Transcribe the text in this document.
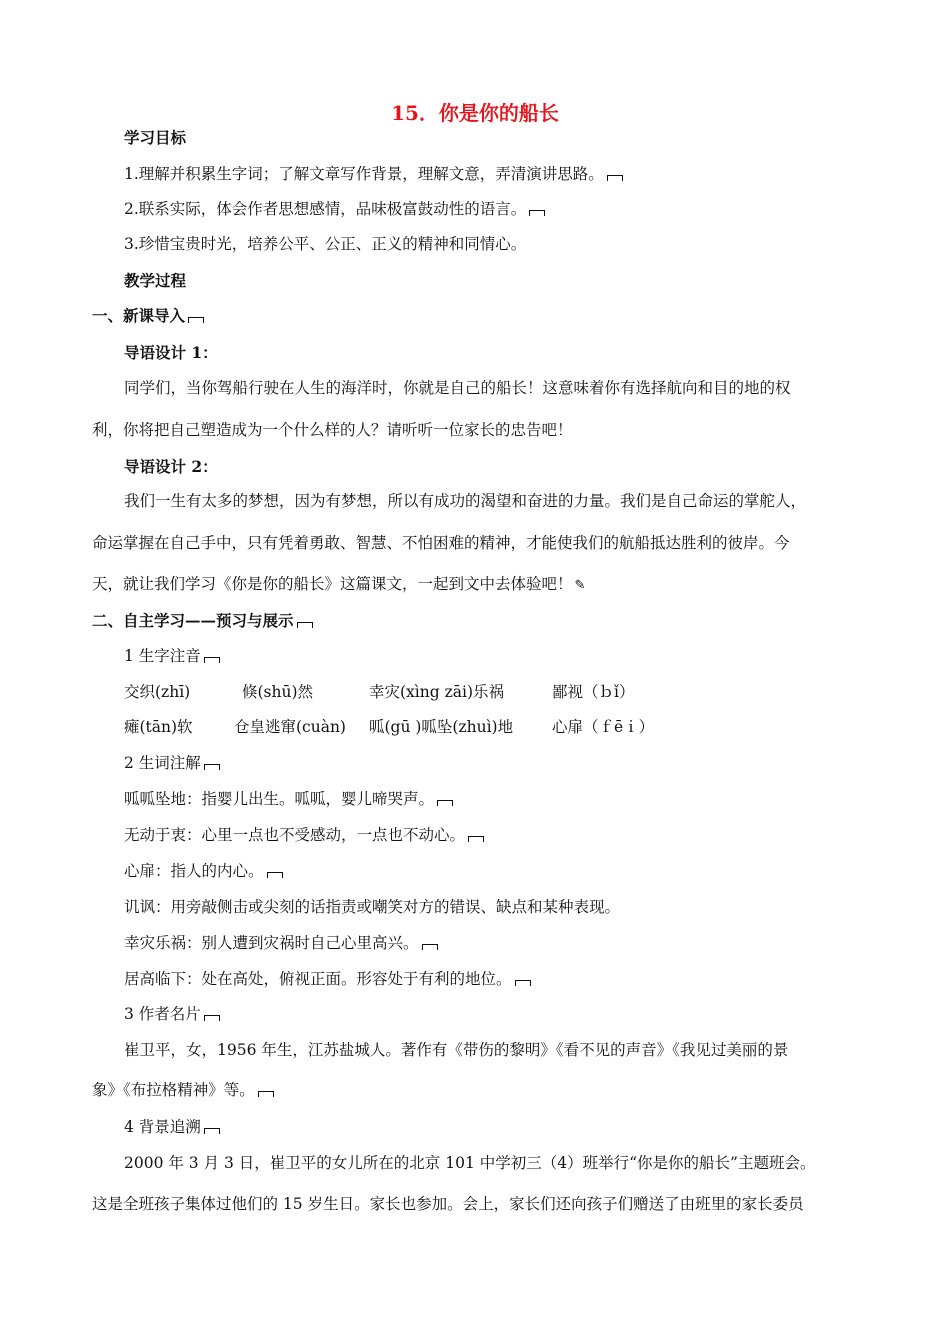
15．你是你的船长
学习目标
1.理解并积累生字词；了解文章写作背景，理解文意，弄清演讲思路。
2.联系实际，体会作者思想感情，品味极富鼓动性的语言。
3.珍惜宝贵时光，培养公平、公正、正义的精神和同情心。
教学过程
一、新课导入
导语设计 1：
同学们，当你驾船行驶在人生的海洋时，你就是自己的船长！这意味着你有选择航向和目的地的权
利，你将把自己塑造成为一个什么样的人？请听听一位家长的忠告吧！
导语设计 2：
我们一生有太多的梦想，因为有梦想，所以有成功的渴望和奋进的力量。我们是自己命运的掌舵人，
命运掌握在自己手中，只有凭着勇敢、智慧、不怕困难的精神，才能使我们的航船抵达胜利的彼岸。今
天，就让我们学习《你是你的船长》这篇课文，一起到文中去体验吧！ ✎
二、自主学习——预习与展示
1 生字注音
交织(zhī)	倏(shū)然	幸灾(xìng zāi)乐祸	鄙视（ｂǐ）
瘫(tān)软	仓皇逃窜(cuàn) 呱(gū )呱坠(zhuì)地	心扉（ｆēｉ）
2 生词注解
呱呱坠地：指婴儿出生。呱呱，婴儿啼哭声。
无动于衷：心里一点也不受感动，一点也不动心。
心扉：指人的内心。
讥讽：用旁敲侧击或尖刻的话指责或嘲笑对方的错误、缺点和某种表现。
幸灾乐祸：别人遭到灾祸时自己心里高兴。
居高临下：处在高处，俯视正面。形容处于有利的地位。
3 作者名片
崔卫平，女，1956 年生，江苏盐城人。著作有《带伤的黎明》《看不见的声音》《我见过美丽的景
象》《布拉格精神》等。
4 背景追溯
2000 年 3 月 3 日，崔卫平的女儿所在的北京 101 中学初三（4）班举行“你是你的船长”主题班会。
这是全班孩子集体过他们的 15 岁生日。家长也参加。会上，家长们还向孩子们赠送了由班里的家长委员
